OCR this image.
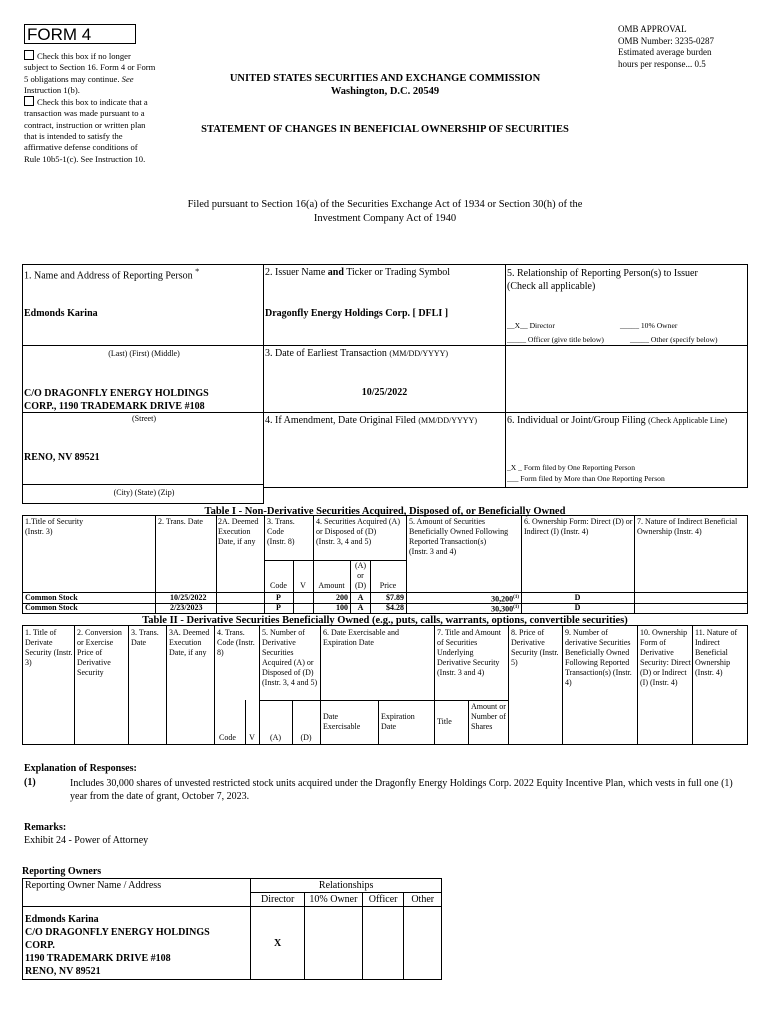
FORM 4
Check this box if no longer subject to Section 16. Form 4 or Form 5 obligations may continue. See Instruction 1(b).
Check this box to indicate that a transaction was made pursuant to a contract, instruction or written plan that is intended to satisfy the affirmative defense conditions of Rule 10b5-1(c). See Instruction 10.
OMB APPROVAL
OMB Number: 3235-0287
Estimated average burden
hours per response... 0.5
UNITED STATES SECURITIES AND EXCHANGE COMMISSION
Washington, D.C. 20549
STATEMENT OF CHANGES IN BENEFICIAL OWNERSHIP OF SECURITIES
Filed pursuant to Section 16(a) of the Securities Exchange Act of 1934 or Section 30(h) of the
Investment Company Act of 1940
1. Name and Address of Reporting Person *
Edmonds Karina
(Last) (First) (Middle)
C/O DRAGONFLY ENERGY HOLDINGS
CORP., 1190 TRADEMARK DRIVE #108
(Street)
RENO, NV 89521
(City) (State) (Zip)
2. Issuer Name and Ticker or Trading Symbol
Dragonfly Energy Holdings Corp. [ DFLI ]
3. Date of Earliest Transaction (MM/DD/YYYY)
10/25/2022
4. If Amendment, Date Original Filed (MM/DD/YYYY)
5. Relationship of Reporting Person(s) to Issuer
(Check all applicable)
__X__ Director	_____ 10% Owner
_____ Officer (give title below)	_____ Other (specify below)
6. Individual or Joint/Group Filing (Check Applicable Line)
_X _ Form filed by One Reporting Person
___ Form filed by More than One Reporting Person
Table I - Non-Derivative Securities Acquired, Disposed of, or Beneficially Owned
1.Title of Security
(Instr. 3)
2. Trans. Date	2A. Deemed Execution Date, if any
3. Trans. Code
(Instr. 8)
4. Securities Acquired (A) or Disposed of (D)
(Instr. 3, 4 and 5)
5. Amount of Securities Beneficially Owned Following Reported Transaction(s)
(Instr. 3 and 4)
6. Ownership Form: Direct (D) or Indirect (I) (Instr. 4)
7. Nature of Indirect Beneficial Ownership (Instr. 4)
Code	V	Amount
(A) or (D)	Price
Common Stock	10/25/2022	P	200	A	$7.89	30,200$^{(1)}$	D
Common Stock	2/23/2023	P	100	A	$4.28	30,300$^{(1)}$	D
Table II - Derivative Securities Beneficially Owned (e.g., puts, calls, warrants, options, convertible securities)
1. Title of Derivate Security (Instr. 3)
2. Conversion or Exercise Price of Derivative Security
3. Trans. Date
3A. Deemed Execution Date, if any
4. Trans. Code (Instr. 8)
5. Number of Derivative Securities Acquired (A) or Disposed of (D) (Instr. 3, 4 and 5)
6. Date Exercisable and Expiration Date
7. Title and Amount of Securities Underlying Derivative Security (Instr. 3 and 4)
8. Price of Derivative Security (Instr. 5)
9. Number of derivative Securities Beneficially Owned Following Reported Transaction(s) (Instr. 4)
10. Ownership Form of Derivative Security: Direct (D) or Indirect (I) (Instr. 4)
11. Nature of Indirect Beneficial Ownership (Instr. 4)
Code	V	(A)	(D)
Date Exercisable
Expiration Date
Title
Amount or Number of Shares
Explanation of Responses:
(1)	Includes 30,000 shares of unvested restricted stock units acquired under the Dragonfly Energy Holdings Corp. 2022 Equity Incentive Plan, which vests in full one (1) year from the date of grant, October 7, 2023.
Remarks:
Exhibit 24 - Power of Attorney
Reporting Owners
Reporting Owner Name / Address	Relationships			
	Director	10% Owner	Officer	Other

Edmonds Karina
C/O DRAGONFLY ENERGY HOLDINGS
CORP.
1190 TRADEMARK DRIVE #108
RENO, NV 89521	X			
